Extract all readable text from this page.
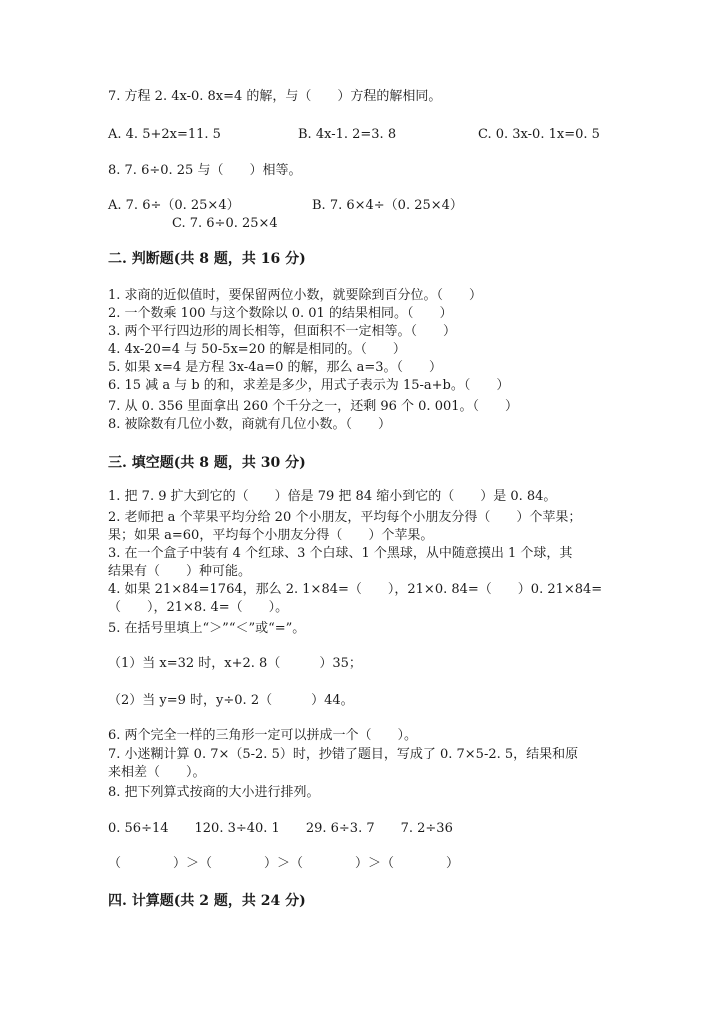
7. 方程 2. 4x-0. 8x=4 的解，与（　　）方程的解相同。
A. 4. 5+2x=11. 5	B. 4x-1. 2=3. 8	C. 0. 3x-0. 1x=0. 5
8. 7. 6÷0. 25 与（　　）相等。
A. 7. 6÷（0. 25×4）	B. 7. 6×4÷（0. 25×4）
C. 7. 6÷0. 25×4
二. 判断题(共 8 题，共 16 分)
1. 求商的近似值时，要保留两位小数，就要除到百分位。（　　）
2. 一个数乘 100 与这个数除以 0. 01 的结果相同。（　　）
3. 两个平行四边形的周长相等，但面积不一定相等。（　　）
4. 4x-20=4 与 50-5x=20 的解是相同的。（　　）
5. 如果 x=4 是方程 3x-4a=0 的解，那么 a=3。（　　）
6. 15 减 a 与 b 的和，求差是多少，用式子表示为 15-a+b。（　　）
7. 从 0. 356 里面拿出 260 个千分之一，还剩 96 个 0. 001。（　　）
8. 被除数有几位小数，商就有几位小数。（　　）
三. 填空题(共 8 题，共 30 分)
1. 把 7. 9 扩大到它的（　　）倍是 79 把 84 缩小到它的（　　）是 0. 84。
2. 老师把 a 个苹果平均分给 20 个小朋友，平均每个小朋友分得（　　）个苹果；
果；如果 a=60，平均每个小朋友分得（　　）个苹果。
3. 在一个盒子中装有 4 个红球、3 个白球、1 个黑球，从中随意摸出 1 个球，其
结果有（　　）种可能。
4. 如果 21×84=1764，那么 2. 1×84=（　　），21×0. 84=（　　）0. 21×84=
（　　），21×8. 4=（　　）。
5. 在括号里填上“＞”“＜”或“=”。
（1）当 x=32 时，x+2. 8（　　　）35；
（2）当 y=9 时，y÷0. 2（　　　）44。
6. 两个完全一样的三角形一定可以拼成一个（　　）。
7. 小迷糊计算 0. 7×（5-2. 5）时，抄错了题目，写成了 0. 7×5-2. 5，结果和原
来相差（　　）。
8. 把下列算式按商的大小进行排列。
0. 56÷14　　120. 3÷40. 1　　29. 6÷3. 7　　7. 2÷36
（　　　　）＞（　　　　）＞（　　　　）＞（　　　　）
四. 计算题(共 2 题，共 24 分)
